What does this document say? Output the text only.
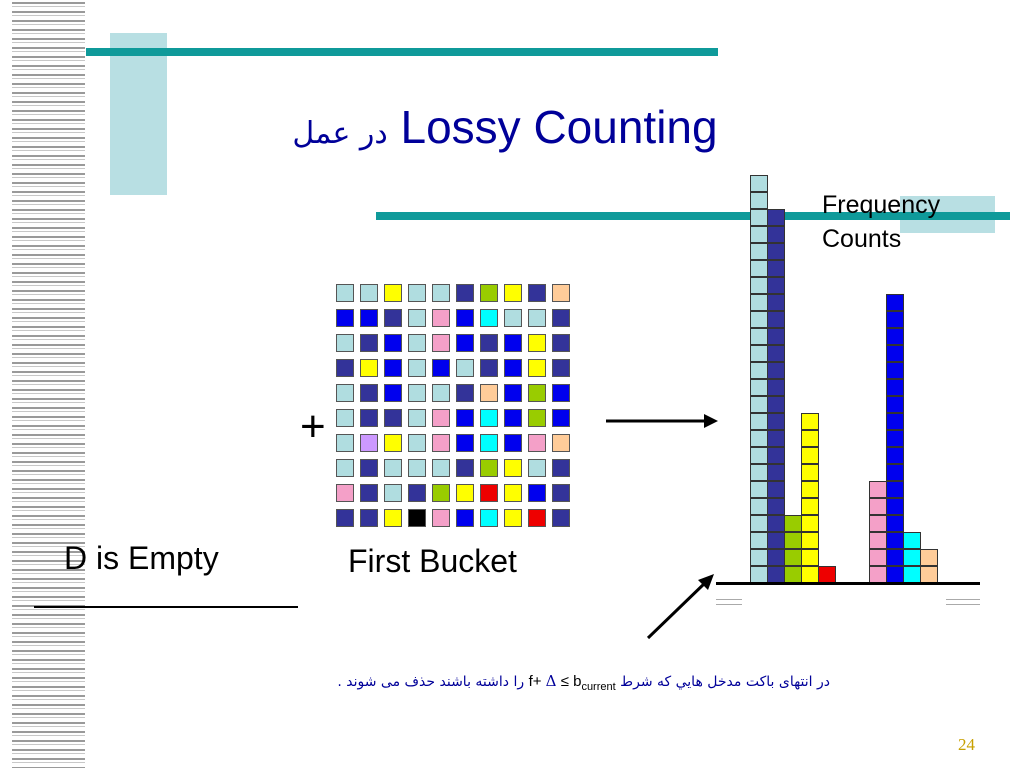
در عمل Lossy Counting
+
D is Empty	First Bucket
Frequency
Counts
در انتهای باکت مدخل هايي که شرط $f+ \Delta \le b_{current}$ را داشته باشند حذف می شوند .
24
